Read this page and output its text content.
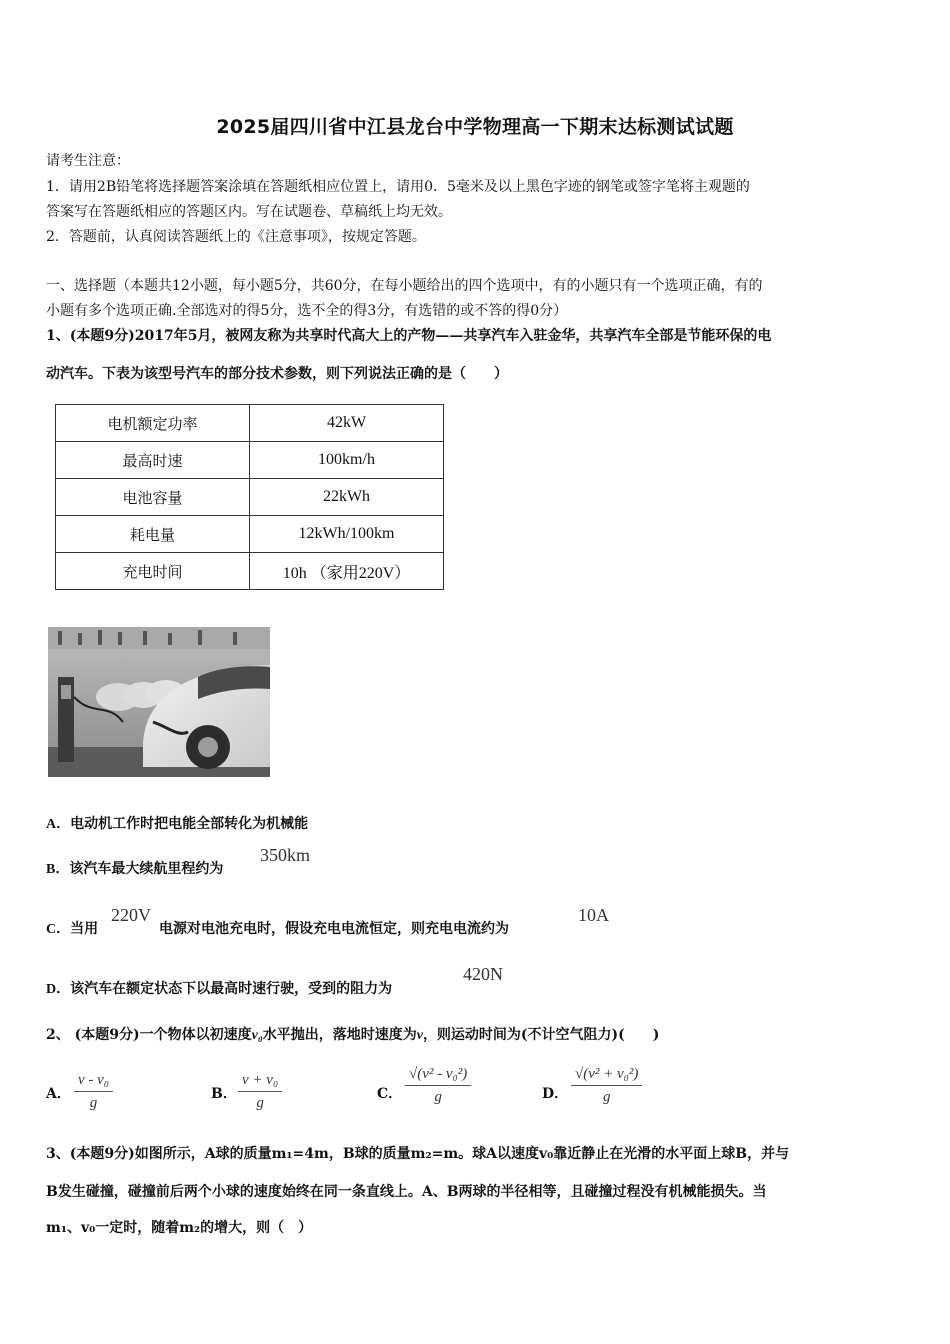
2025届四川省中江县龙台中学物理高一下期末达标测试试题
请考生注意：
1．请用2B铅笔将选择题答案涂填在答题纸相应位置上，请用0．5毫米及以上黑色字迹的钢笔或签字笔将主观题的
答案写在答题纸相应的答题区内。写在试题卷、草稿纸上均无效。
2．答题前，认真阅读答题纸上的《注意事项》，按规定答题。
一、选择题（本题共12小题，每小题5分，共60分，在每小题给出的四个选项中，有的小题只有一个选项正确，有的
小题有多个选项正确.全部选对的得5分，选不全的得3分，有选错的或不答的得0分）
1、(本题9分)2017年5月，被网友称为共享时代高大上的产物——共享汽车入驻金华，共享汽车全部是节能环保的电
动汽车。下表为该型号汽车的部分技术参数，则下列说法正确的是（　　）
电机额定功率	42kW
最高时速	100km/h
电池容量	22kWh
耗电量	12kWh/100km
充电时间	10h （家用220V）
A．电动机工作时把电能全部转化为机械能
B．该汽车最大续航里程约为
350km
C．当用
220V
电源对电池充电时，假设充电电流恒定，则充电电流约为
10A
D．该汽车在额定状态下以最高时速行驶，受到的阻力为
420N
2、 (本题9分)一个物体以初速度v₀水平抛出，落地时速度为v，则运动时间为(不计空气阻力)(　　)
A． $\frac{\text{v - v₀}}{g}$	B． $\frac{\text{v + v₀}}{g}$	C． $\frac{\text{√(v² - v₀²)}}{g}$	D． $\frac{\text{√(v² + v₀²)}}{g}$
3、(本题9分)如图所示，A球的质量m₁=4m，B球的质量m₂=m。球A以速度v₀靠近静止在光滑的水平面上球B，并与
B发生碰撞，碰撞前后两个小球的速度始终在同一条直线上。A、B两球的半径相等，且碰撞过程没有机械能损失。当
m₁、v₀一定时，随着m₂的增大，则（　）
